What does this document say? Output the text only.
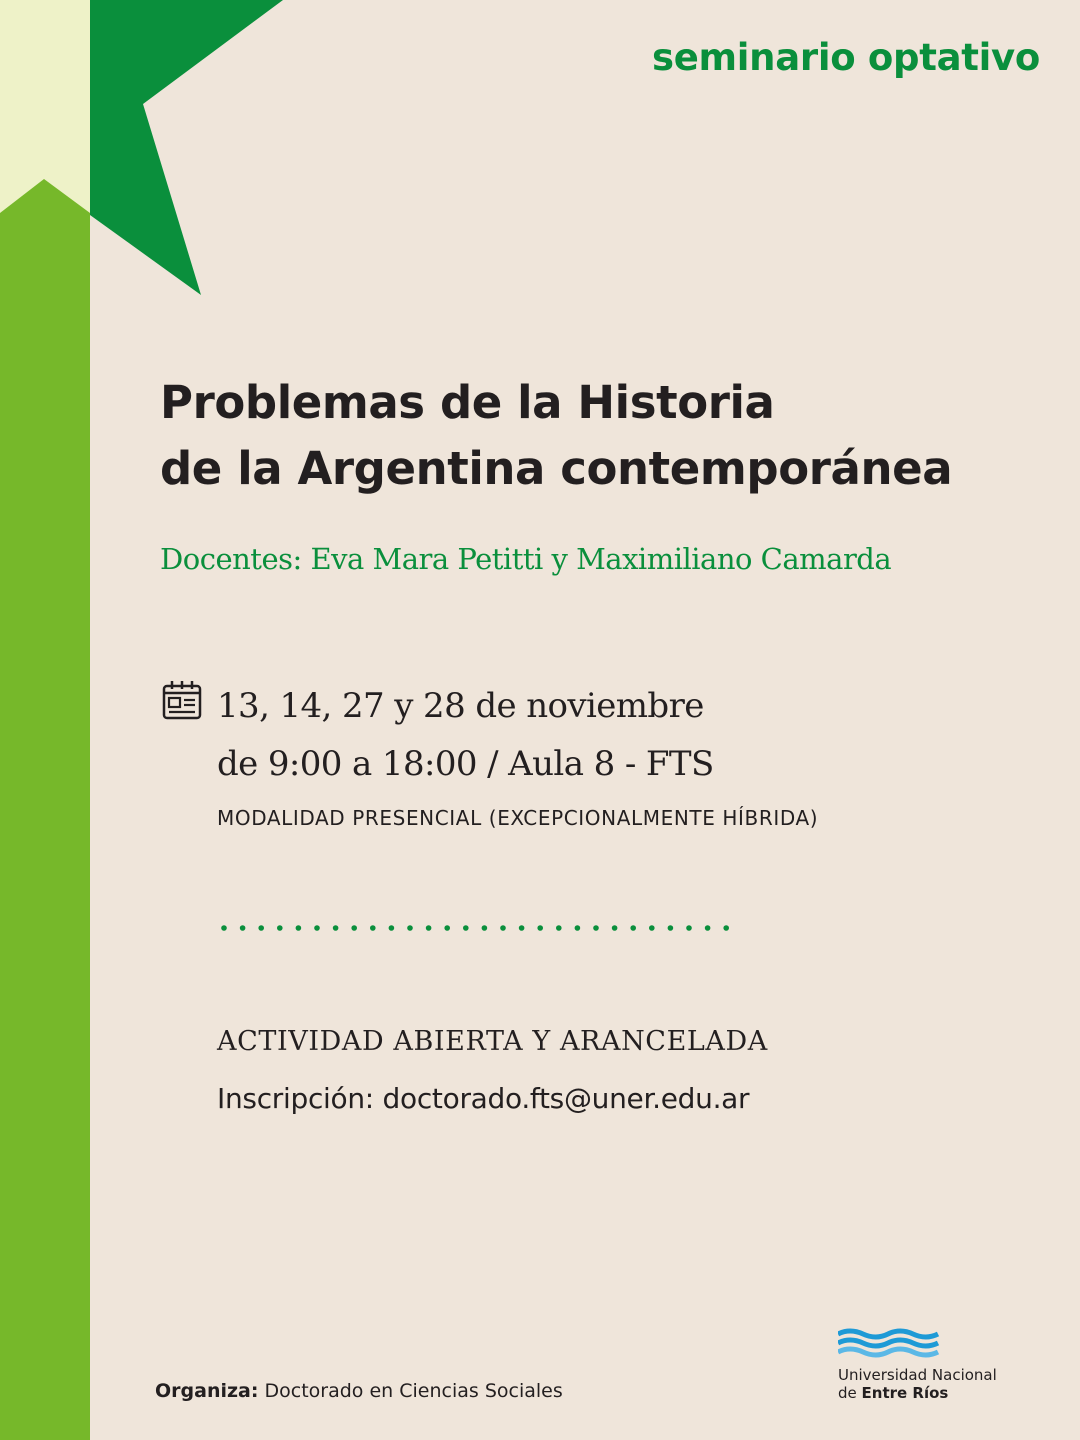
seminario optativo
Problemas de la Historia
de la Argentina contemporánea
Docentes: Eva Mara Petitti y Maximiliano Camarda
13, 14, 27 y 28 de noviembre
de 9:00 a 18:00 / Aula 8 - FTS
MODALIDAD PRESENCIAL (EXCEPCIONALMENTE HÍBRIDA)
ACTIVIDAD ABIERTA Y ARANCELADA
Inscripción: doctorado.fts@uner.edu.ar
Organiza: Doctorado en Ciencias Sociales
Universidad Nacional
de Entre Ríos
